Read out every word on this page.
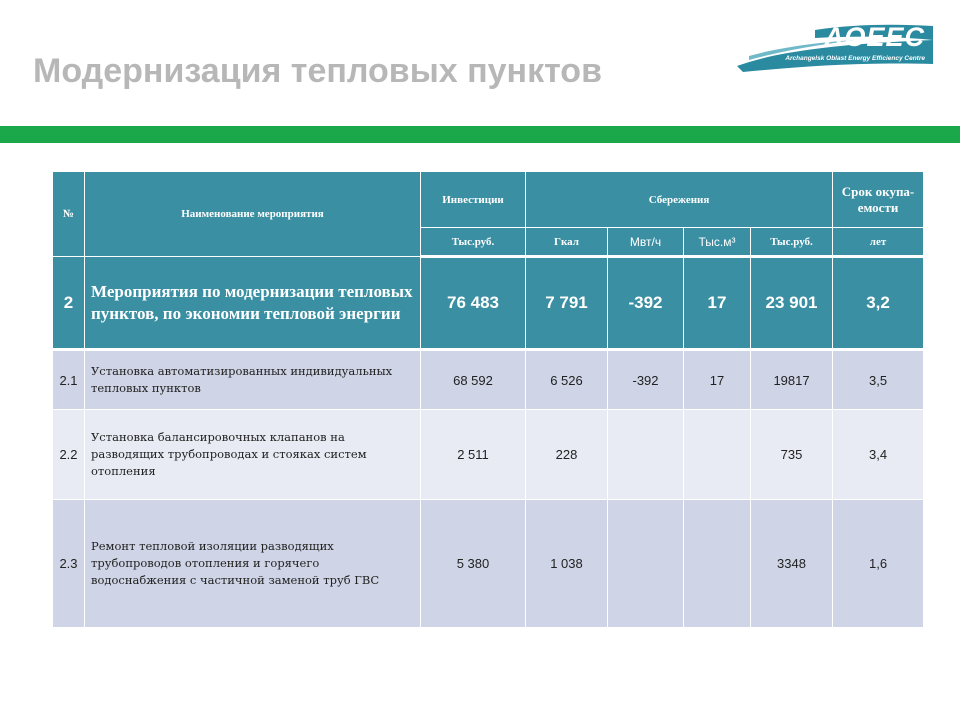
Модернизация тепловых пунктов
AOEEC
Archangelsk Oblast Energy Efficiency Centre
№	Наименование мероприятия	Инвестиции	Сбережения				Срок окупа-емости
		Тыс.руб.	Гкал	Мвт/ч	Тыс.м³	Тыс.руб.	лет
2	Мероприятия по модернизации тепловых пунктов, по экономии тепловой энергии	76 483	7 791	-392	17	23 901	3,2
2.1	Установка автоматизированных индивидуальных тепловых пунктов	68 592	6 526	-392	17	19817	3,5
2.2	Установка балансировочных клапанов на разводящих трубопроводах и стояках систем отопления	2 511	228			735	3,4
2.3	Ремонт тепловой изоляции разводящих трубопроводов отопления и горячего водоснабжения с частичной заменой труб ГВС	5 380	1 038			3348	1,6
